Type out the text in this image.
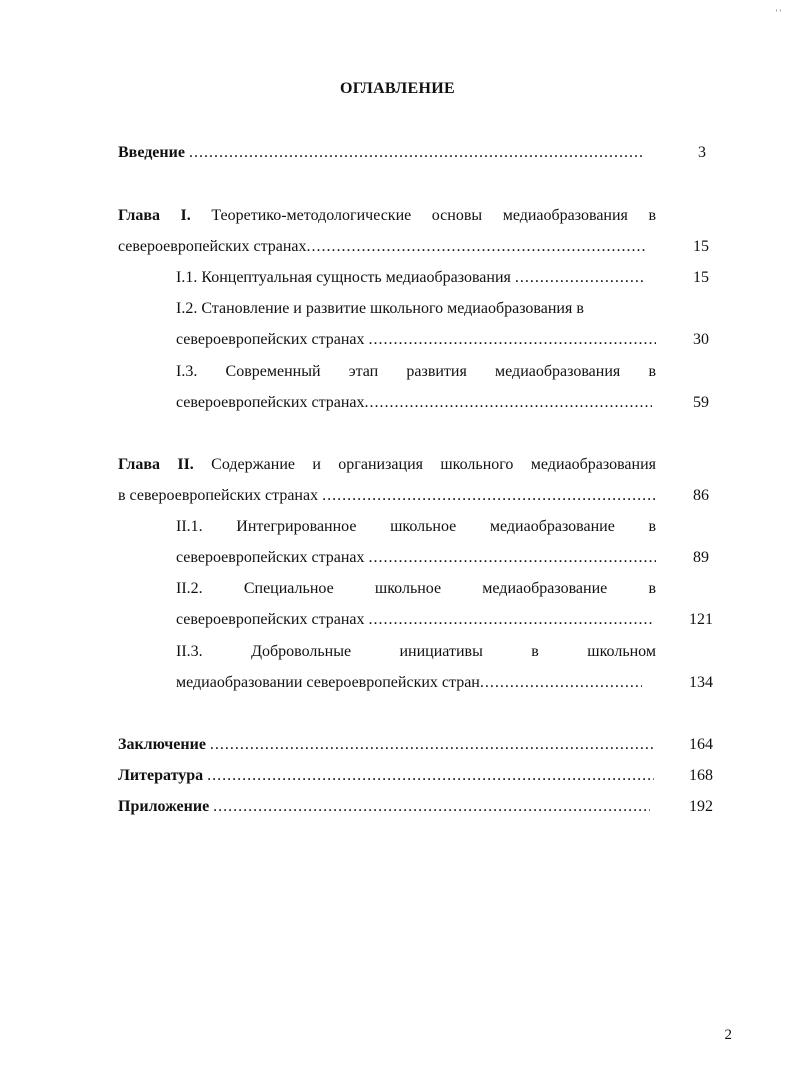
' '
ОГЛАВЛЕНИЕ
Введение .....	3
Глава I. Теоретико-методологические основы медиаобразования в
североевропейских странах .....	15
I.1. Концептуальная сущность медиаобразования
.....	15
I.2. Становление и развитие школьного медиаобразования в
североевропейских странах
.....	30
I.3. Современный этап развития медиаобразования в
североевропейских странах .....	59
Глава II. Содержание и организация школьного медиаобразования
в североевропейских странах
.....	86
II.1. Интегрированное школьное медиаобразование в
североевропейских странах
.....	89
II.2. Специальное школьное медиаобразование в
североевропейских странах
.....	121
II.3. Добровольные инициативы в школьном
медиаобразовании североевропейских стран .....	134
Заключение .....	164
Литература .....	168
Приложение .....	192
2
